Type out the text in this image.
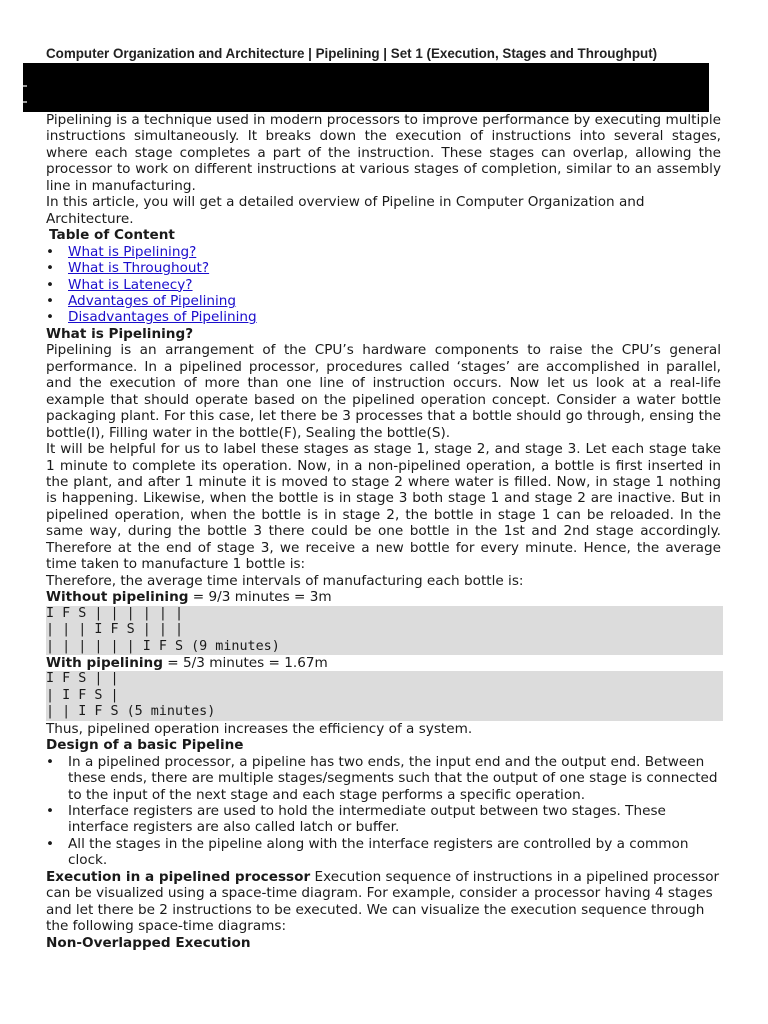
Computer Organization and Architecture | Pipelining | Set 1 (Execution, Stages and Throughput)

Pipelining is a technique used in modern processors to improve performance by executing multiple instructions simultaneously. It breaks down the execution of instructions into several stages, where each stage completes a part of the instruction. These stages can overlap, allowing the processor to work on different instructions at various stages of completion, similar to an assembly line in manufacturing.

In this article, you will get a detailed overview of Pipeline in Computer Organization and Architecture.

Table of Content
• What is Pipelining?
• What is Throughout?
• What is Latenecy?
• Advantages of Pipelining
• Disadvantages of Pipelining
What is Pipelining?

Pipelining is an arrangement of the CPU’s hardware components to raise the CPU’s general performance. In a pipelined processor, procedures called ‘stages’ are accomplished in parallel, and the execution of more than one line of instruction occurs. Now let us look at a real-life example that should operate based on the pipelined operation concept. Consider a water bottle packaging plant. For this case, let there be 3 processes that a bottle should go through, ensing the bottle(I), Filling water in the bottle(F), Sealing the bottle(S).

It will be helpful for us to label these stages as stage 1, stage 2, and stage 3. Let each stage take 1 minute to complete its operation. Now, in a non-pipelined operation, a bottle is first inserted in the plant, and after 1 minute it is moved to stage 2 where water is filled. Now, in stage 1 nothing is happening. Likewise, when the bottle is in stage 3 both stage 1 and stage 2 are inactive. But in pipelined operation, when the bottle is in stage 2, the bottle in stage 1 can be reloaded. In the same way, during the bottle 3 there could be one bottle in the 1st and 2nd stage accordingly. Therefore at the end of stage 3, we receive a new bottle for every minute. Hence, the average time taken to manufacture 1 bottle is:

Therefore, the average time intervals of manufacturing each bottle is:

Without pipelining = 9/3 minutes = 3m

I F S | | | | | |
| | | I F S | | |
| | | | | | I F S (9 minutes)

With pipelining = 5/3 minutes = 1.67m

I F S | |
| I F S |
| | I F S (5 minutes)

Thus, pipelined operation increases the efficiency of a system.

Design of a basic Pipeline
• In a pipelined processor, a pipeline has two ends, the input end and the output end. Between these ends, there are multiple stages/segments such that the output of one stage is connected to the input of the next stage and each stage performs a specific operation.
• Interface registers are used to hold the intermediate output between two stages. These interface registers are also called latch or buffer.
• All the stages in the pipeline along with the interface registers are controlled by a common clock.

Execution in a pipelined processor Execution sequence of instructions in a pipelined processor can be visualized using a space-time diagram. For example, consider a processor having 4 stages and let there be 2 instructions to be executed. We can visualize the execution sequence through the following space-time diagrams:

Non-Overlapped Execution
